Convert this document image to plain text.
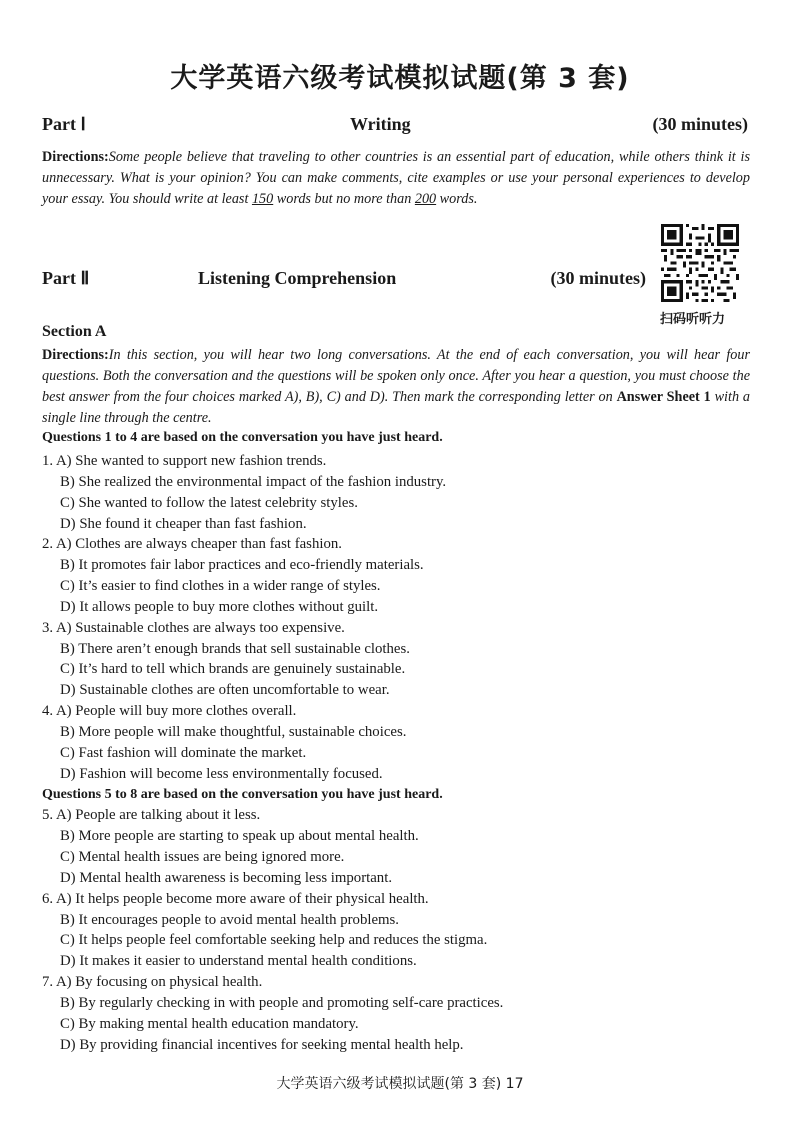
大学英语六级考试模拟试题(第 3 套)
Part Ⅰ	Writing	(30 minutes)
Directions:Some people believe that traveling to other countries is an essential part of education, while others think it is unnecessary. What is your opinion? You can make comments, cite examples or use your personal experiences to develop your essay. You should write at least 150 words but no more than 200 words.
Part Ⅱ	Listening Comprehension	(30 minutes)
扫码听听力
Section A
Directions:In this section, you will hear two long conversations. At the end of each conversation, you will hear four questions. Both the conversation and the questions will be spoken only once. After you hear a question, you must choose the best answer from the four choices marked A), B), C) and D). Then mark the corresponding letter on Answer Sheet 1 with a single line through the centre.
Questions 1 to 4 are based on the conversation you have just heard.
1. A) She wanted to support new fashion trends.
B) She realized the environmental impact of the fashion industry.
C) She wanted to follow the latest celebrity styles.
D) She found it cheaper than fast fashion.
2. A) Clothes are always cheaper than fast fashion.
B) It promotes fair labor practices and eco-friendly materials.
C) It’s easier to find clothes in a wider range of styles.
D) It allows people to buy more clothes without guilt.
3. A) Sustainable clothes are always too expensive.
B) There aren’t enough brands that sell sustainable clothes.
C) It’s hard to tell which brands are genuinely sustainable.
D) Sustainable clothes are often uncomfortable to wear.
4. A) People will buy more clothes overall.
B) More people will make thoughtful, sustainable choices.
C) Fast fashion will dominate the market.
D) Fashion will become less environmentally focused.
Questions 5 to 8 are based on the conversation you have just heard.
5. A) People are talking about it less.
B) More people are starting to speak up about mental health.
C) Mental health issues are being ignored more.
D) Mental health awareness is becoming less important.
6. A) It helps people become more aware of their physical health.
B) It encourages people to avoid mental health problems.
C) It helps people feel comfortable seeking help and reduces the stigma.
D) It makes it easier to understand mental health conditions.
7. A) By focusing on physical health.
B) By regularly checking in with people and promoting self-care practices.
C) By making mental health education mandatory.
D) By providing financial incentives for seeking mental health help.
大学英语六级考试模拟试题(第 3 套) 17
